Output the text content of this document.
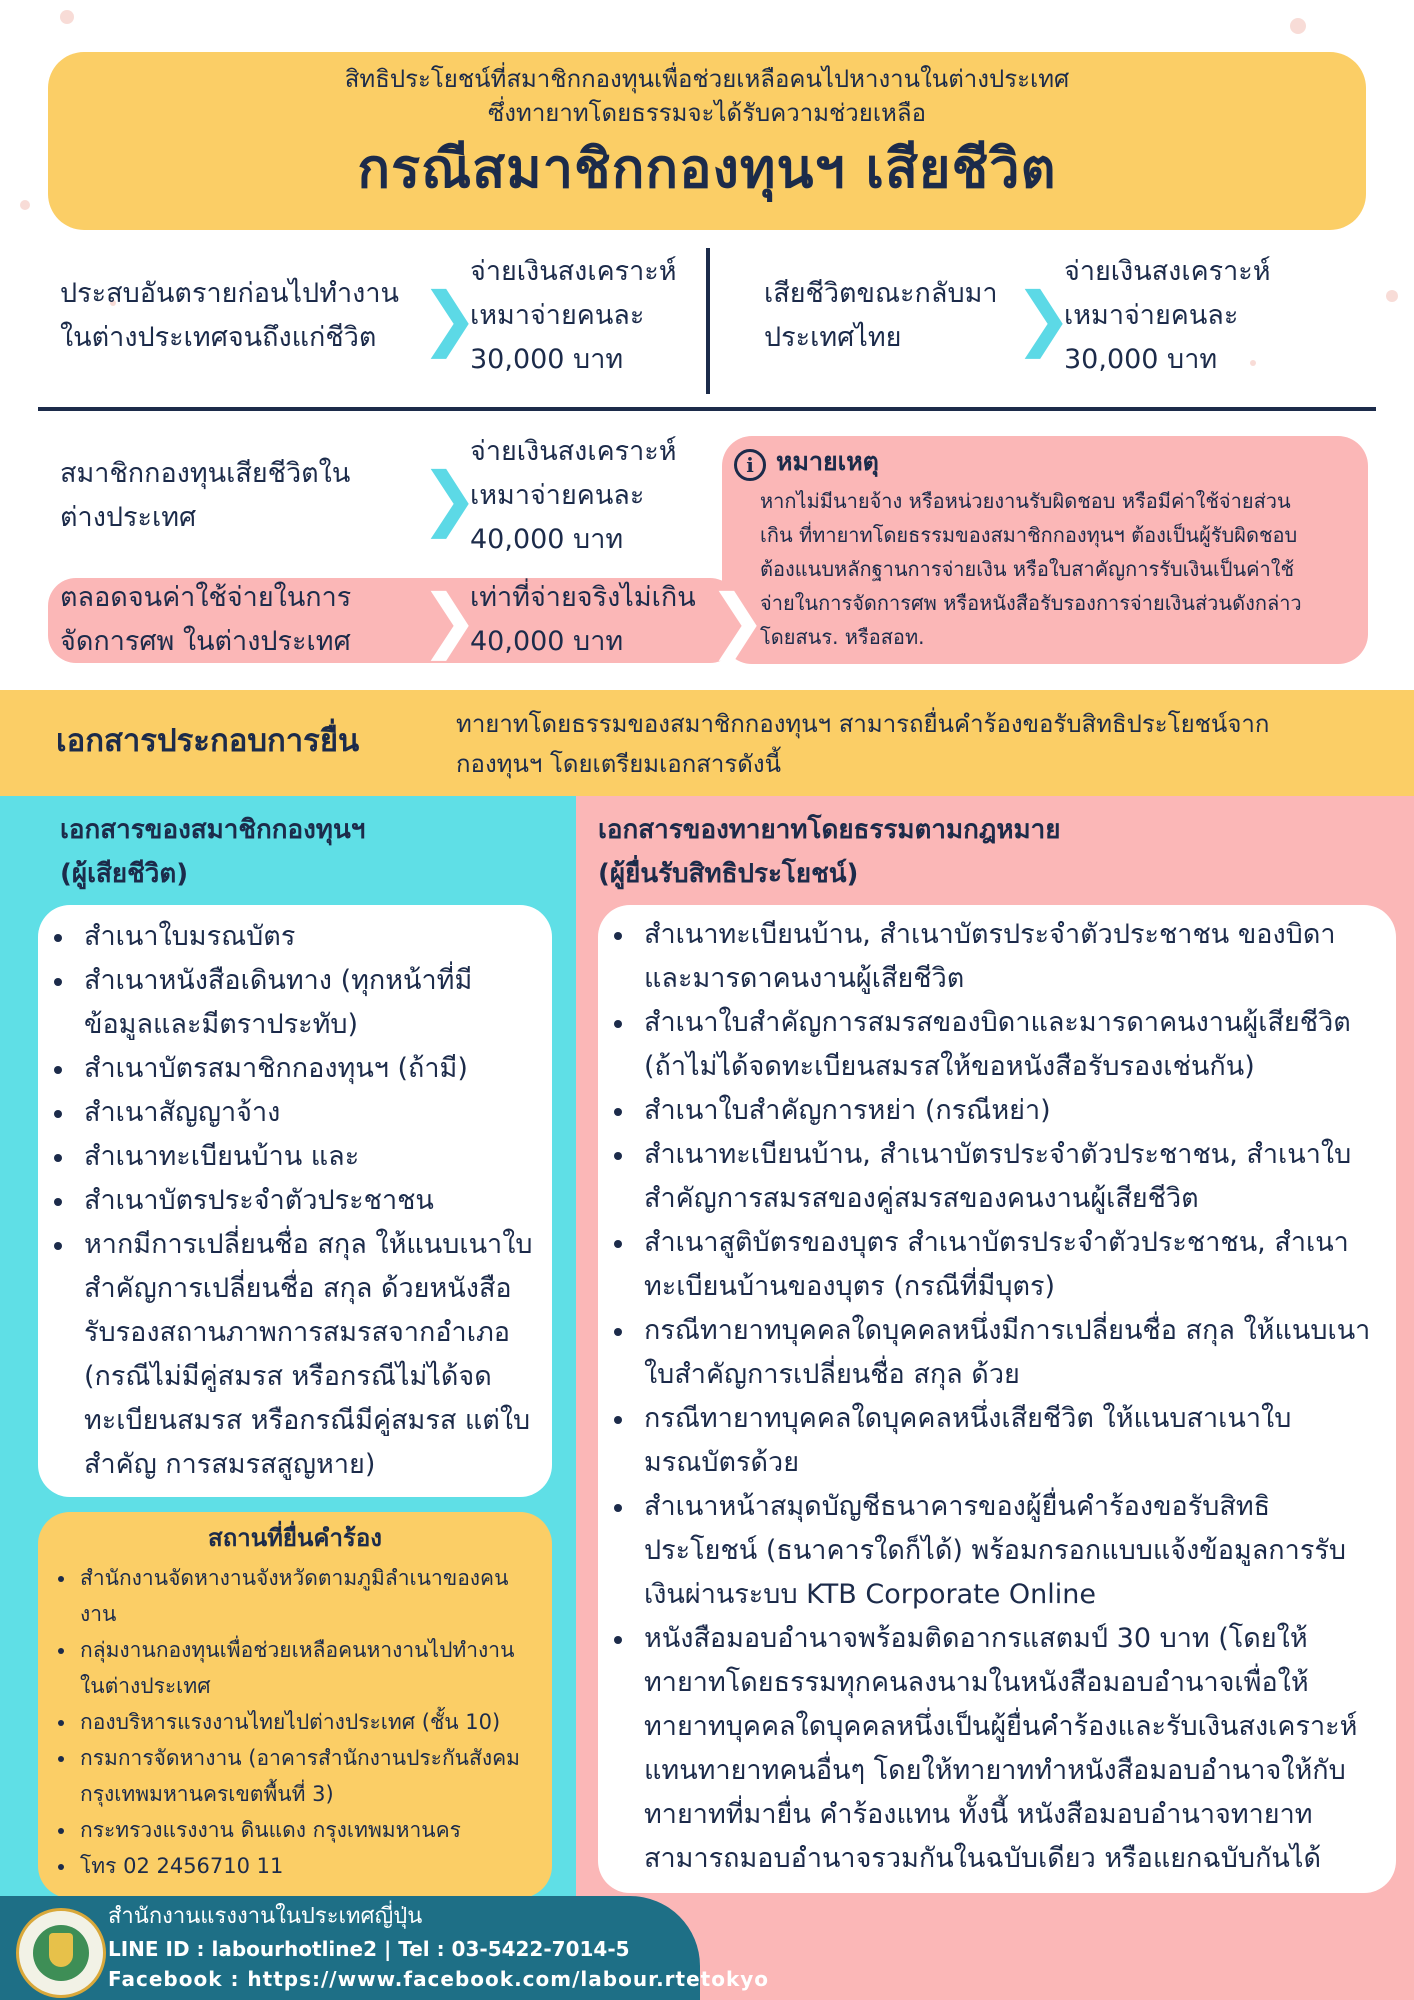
สิทธิประโยชน์ที่สมาชิกกองทุนเพื่อช่วยเหลือคนไปหางานในต่างประเทศ
ซึ่งทายาทโดยธรรมจะได้รับความช่วยเหลือ
กรณีสมาชิกกองทุนฯ เสียชีวิต
ประสบอันตรายก่อนไปทำงาน
ในต่างประเทศจนถึงแก่ชีวิต ❯
จ่ายเงินสงเคราะห์
เหมาจ่ายคนละ
30,000 บาท
เสียชีวิตขณะกลับมา
ประเทศไทย	❯
จ่ายเงินสงเคราะห์
เหมาจ่ายคนละ
30,000 บาท
สมาชิกกองทุนเสียชีวิตใน
ต่างประเทศ	❯
จ่ายเงินสงเคราะห์
เหมาจ่ายคนละ
40,000 บาท
ตลอดจนค่าใช้จ่ายในการ
จัดการศพ ในต่างประเทศ ❯
เท่าที่จ่ายจริงไม่เกิน
40,000 บาท	❯
i หมายเหตุ
หากไม่มีนายจ้าง หรือหน่วยงานรับผิดชอบ หรือมีค่าใช้จ่ายส่วน
เกิน ที่ทายาทโดยธรรมของสมาชิกกองทุนฯ ต้องเป็นผู้รับผิดชอบ
ต้องแนบหลักฐานการจ่ายเงิน หรือใบสาคัญการรับเงินเป็นค่าใช้
จ่ายในการจัดการศพ หรือหนังสือรับรองการจ่ายเงินส่วนดังกล่าว
โดยสนร. หรือสอท.
เอกสารประกอบการยื่น	ทายาทโดยธรรมของสมาชิกกองทุนฯ สามารถยื่นคำร้องขอรับสิทธิประโยชน์จาก
กองทุนฯ โดยเตรียมเอกสารดังนี้
เอกสารของสมาชิกกองทุนฯ
(ผู้เสียชีวิต)
สำเนาใบมรณบัตร
สำเนาหนังสือเดินทาง (ทุกหน้าที่มีข้อมูลและมีตราประทับ)
สำเนาบัตรสมาชิกกองทุนฯ (ถ้ามี)
สำเนาสัญญาจ้าง
สำเนาทะเบียนบ้าน และ
สำเนาบัตรประจำตัวประชาชน
หากมีการเปลี่ยนชื่อ สกุล ให้แนบเนาใบสำคัญการเปลี่ยนชื่อ สกุล ด้วยหนังสือรับรองสถานภาพการสมรสจากอำเภอ (กรณีไม่มีคู่สมรส หรือกรณีไม่ได้จดทะเบียนสมรส หรือกรณีมีคู่สมรส แต่ใบสำคัญ การสมรสสูญหาย)
สถานที่ยื่นคำร้อง
สำนักงานจัดหางานจังหวัดตามภูมิลำเนาของคนงาน
กลุ่มงานกองทุนเพื่อช่วยเหลือคนหางานไปทำงานในต่างประเทศ
กองบริหารแรงงานไทยไปต่างประเทศ (ชั้น 10)
กรมการจัดหางาน (อาคารสำนักงานประกันสังคมกรุงเทพมหานครเขตพื้นที่ 3)
กระทรวงแรงงาน ดินแดง กรุงเทพมหานคร
โทร 02 2456710 11
เอกสารของทายาทโดยธรรมตามกฎหมาย
(ผู้ยื่นรับสิทธิประโยชน์)
สำเนาทะเบียนบ้าน, สำเนาบัตรประจำตัวประชาชน ของบิดาและมารดาคนงานผู้เสียชีวิต
สำเนาใบสำคัญการสมรสของบิดาและมารดาคนงานผู้เสียชีวิต (ถ้าไม่ได้จดทะเบียนสมรสให้ขอหนังสือรับรองเช่นกัน)
สำเนาใบสำคัญการหย่า (กรณีหย่า)
สำเนาทะเบียนบ้าน, สำเนาบัตรประจำตัวประชาชน, สำเนาใบสำคัญการสมรสของคู่สมรสของคนงานผู้เสียชีวิต
สำเนาสูติบัตรของบุตร สำเนาบัตรประจำตัวประชาชน, สำเนาทะเบียนบ้านของบุตร (กรณีที่มีบุตร)
กรณีทายาทบุคคลใดบุคคลหนึ่งมีการเปลี่ยนชื่อ สกุล ให้แนบเนาใบสำคัญการเปลี่ยนชื่อ สกุล ด้วย
กรณีทายาทบุคคลใดบุคคลหนึ่งเสียชีวิต ให้แนบสาเนาใบมรณบัตรด้วย
สำเนาหน้าสมุดบัญชีธนาคารของผู้ยื่นคำร้องขอรับสิทธิประโยชน์ (ธนาคารใดก็ได้) พร้อมกรอกแบบแจ้งข้อมูลการรับเงินผ่านระบบ KTB Corporate Online
หนังสือมอบอำนาจพร้อมติดอากรแสตมป์ 30 บาท (โดยให้ทายาทโดยธรรมทุกคนลงนามในหนังสือมอบอำนาจเพื่อให้ทายาทบุคคลใดบุคคลหนึ่งเป็นผู้ยื่นคำร้องและรับเงินสงเคราะห์แทนทายาทคนอื่นๆ โดยให้ทายาททำหนังสือมอบอำนาจให้กับทายาทที่มายื่น คำร้องแทน ทั้งนี้ หนังสือมอบอำนาจทายาทสามารถมอบอำนาจรวมกันในฉบับเดียว หรือแยกฉบับกันได้
สำนักงานแรงงานในประเทศญี่ปุ่น
LINE ID : labourhotline2 | Tel : 03-5422-7014-5
Facebook : https://www.facebook.com/labour.rtetokyo
